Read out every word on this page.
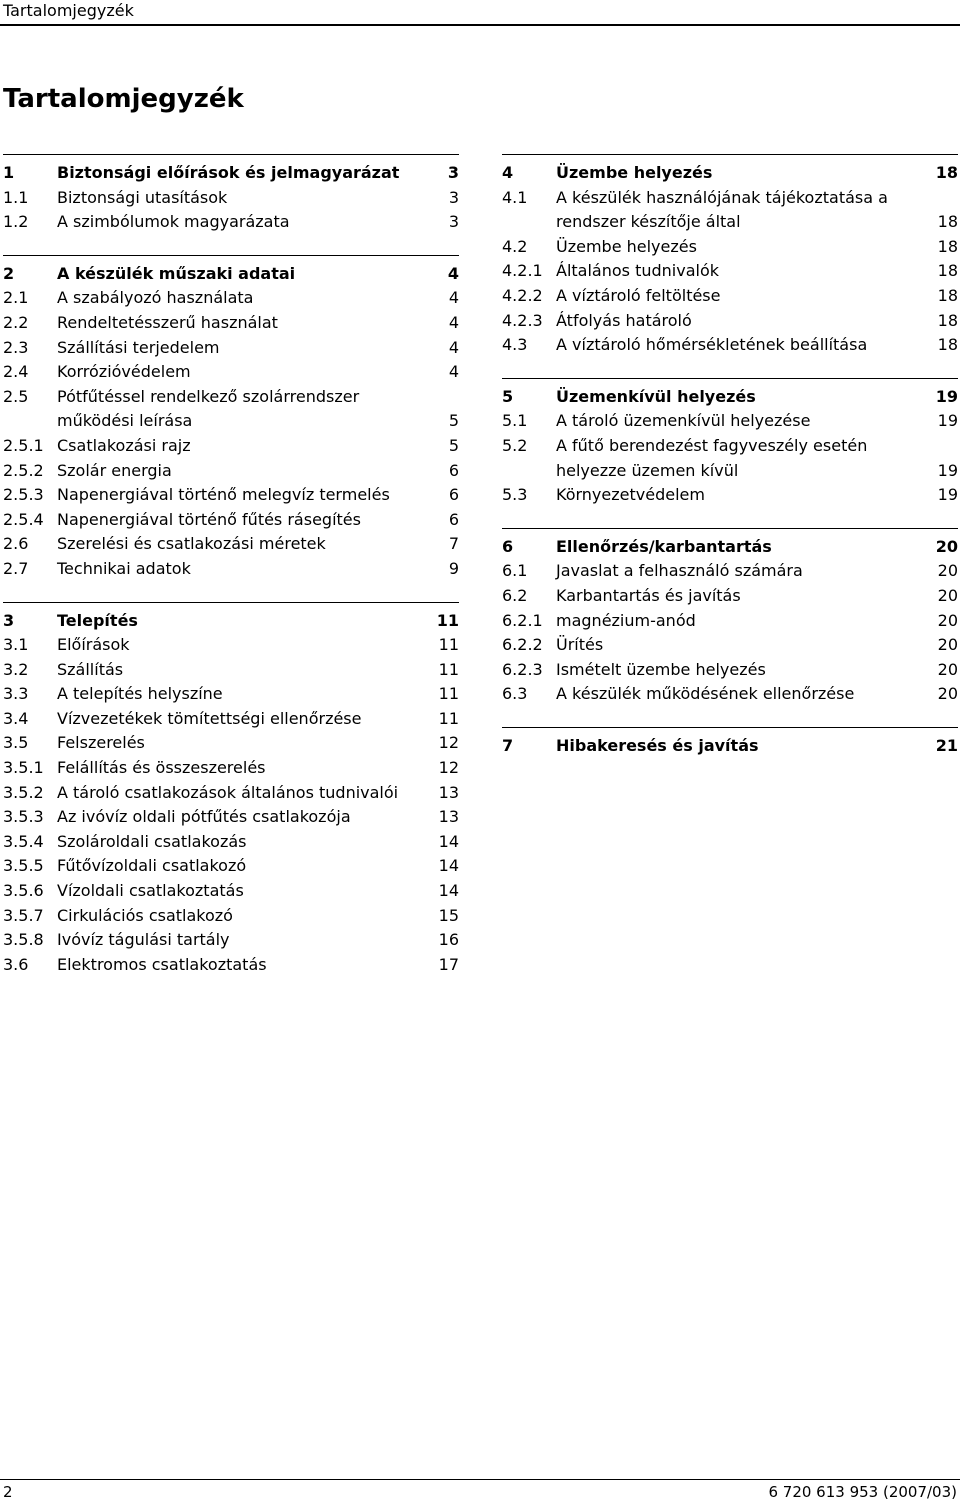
Tartalomjegyzék
Tartalomjegyzék
1	Biztonsági előírások és jelmagyarázat	3
1.1	Biztonsági utasítások	3
1.2	A szimbólumok magyarázata	3
2	A készülék műszaki adatai	4
2.1	A szabályozó használata	4
2.2	Rendeltetésszerű használat	4
2.3	Szállítási terjedelem	4
2.4	Korrózióvédelem	4
2.5	Pótfűtéssel rendelkező szolárrendszer
működési leírása	5
2.5.1 Csatlakozási rajz	5
2.5.2 Szolár energia	6
2.5.3 Napenergiával történő melegvíz termelés	6
2.5.4 Napenergiával történő fűtés rásegítés	6
2.6	Szerelési és csatlakozási méretek	7
2.7	Technikai adatok	9
3	Telepítés	11
3.1	Előírások	11
3.2	Szállítás	11
3.3	A telepítés helyszíne	11
3.4	Vízvezetékek tömítettségi ellenőrzése	11
3.5	Felszerelés	12
3.5.1 Felállítás és összeszerelés	12
3.5.2 A tároló csatlakozások általános tudnivalói	13
3.5.3 Az ivóvíz oldali pótfűtés csatlakozója	13
3.5.4 Szolároldali csatlakozás	14
3.5.5 Fűtővízoldali csatlakozó	14
3.5.6 Vízoldali csatlakoztatás	14
3.5.7 Cirkulációs csatlakozó	15
3.5.8 Ivóvíz tágulási tartály	16
3.6	Elektromos csatlakoztatás	17
4	Üzembe helyezés	18
4.1	A készülék használójának tájékoztatása a
rendszer készítője által	18
4.2	Üzembe helyezés	18
4.2.1 Általános tudnivalók	18
4.2.2 A víztároló feltöltése	18
4.2.3 Átfolyás határoló	18
4.3	A víztároló hőmérsékletének beállítása	18
5	Üzemenkívül helyezés	19
5.1	A tároló üzemenkívül helyezése	19
5.2	A fűtő berendezést fagyveszély esetén
helyezze üzemen kívül	19
5.3	Környezetvédelem	19
6	Ellenőrzés/karbantartás	20
6.1	Javaslat a felhasználó számára	20
6.2	Karbantartás és javítás	20
6.2.1 magnézium-anód	20
6.2.2 Ürítés	20
6.2.3 Ismételt üzembe helyezés	20
6.3	A készülék működésének ellenőrzése	20
7	Hibakeresés és javítás	21
2	6 720 613 953 (2007/03)
